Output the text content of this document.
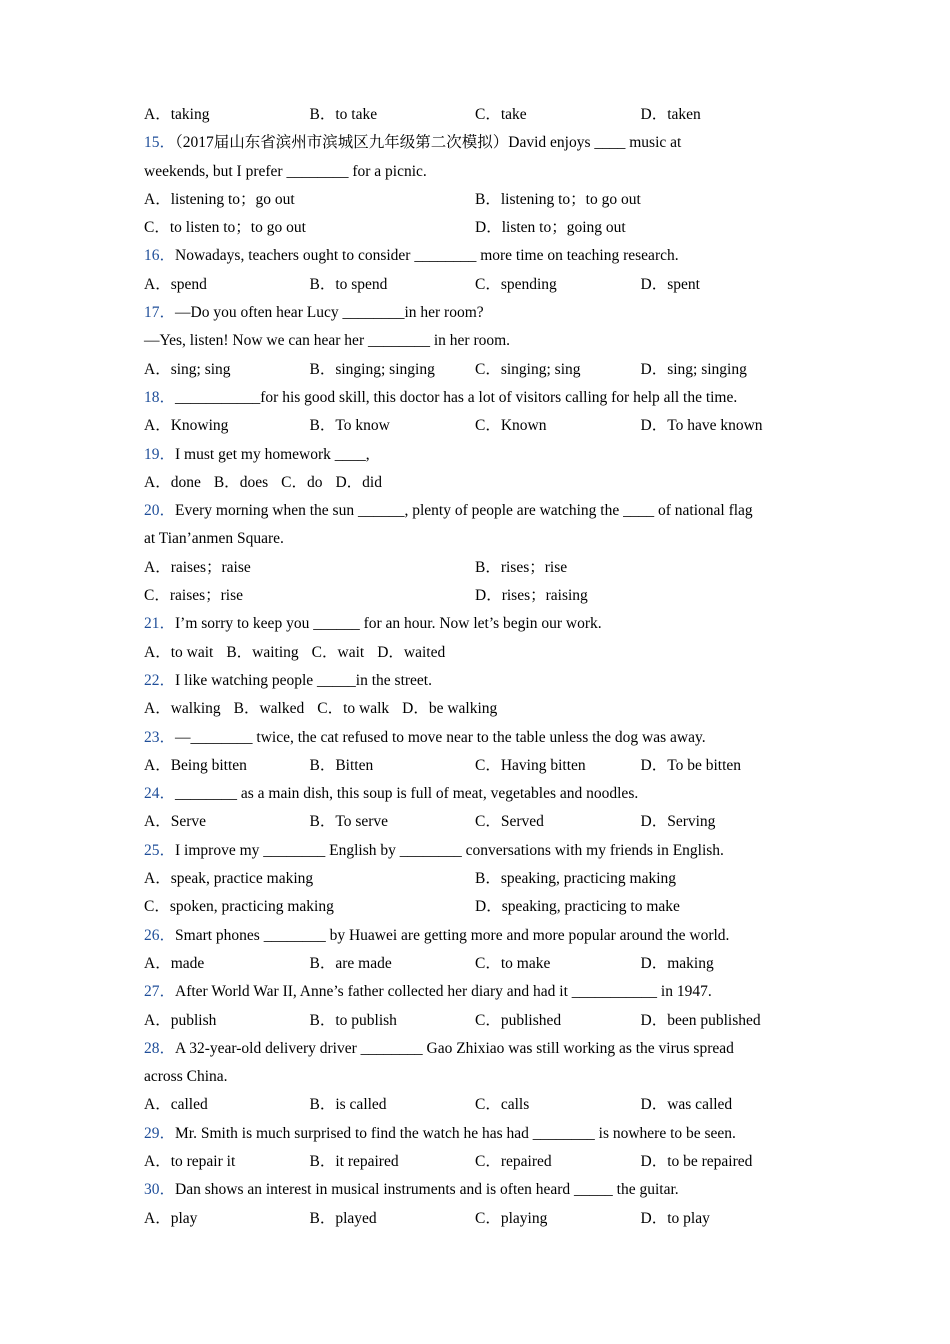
A．taking	B．to take	C．take	D．taken
15．（2017届山东省滨州市滨城区九年级第二次模拟）David enjoys ____ music at
weekends, but I prefer ________ for a picnic.
A．listening to；go out	B．listening to；to go out
C．to listen to；to go out	D．listen to；going out
16．Nowadays, teachers ought to consider ________ more time on teaching research.
A．spend	B．to spend	C．spending	D．spent
17．—Do you often hear Lucy ________in her room?
—Yes, listen! Now we can hear her ________ in her room.
A．sing; sing	B．singing; singing	C．singing; sing	D．sing; singing
18．___________for his good skill, this doctor has a lot of visitors calling for help all the time.
A．Knowing	B．To know	C．Known	D．To have known
19．I must get my homework ____,
A．done B．does C．do D．did
20．Every morning when the sun ______, plenty of people are watching the ____ of national flag
at Tian’anmen Square.
A．raises；raise	B．rises；rise
C．raises；rise	D．rises；raising
21．I’m sorry to keep you ______ for an hour. Now let’s begin our work.
A．to wait B．waiting C．wait D．waited
22．I like watching people _____in the street.
A．walking B．walked C．to walk D．be walking
23．—________ twice, the cat refused to move near to the table unless the dog was away.
A．Being bitten	B．Bitten	C．Having bitten	D．To be bitten
24．________ as a main dish, this soup is full of meat, vegetables and noodles.
A．Serve	B．To serve	C．Served	D．Serving
25．I improve my ________ English by ________ conversations with my friends in English.
A．speak, practice making	B．speaking, practicing making
C．spoken, practicing making	D．speaking, practicing to make
26．Smart phones ________ by Huawei are getting more and more popular around the world.
A．made	B．are made	C．to make	D．making
27．After World War II, Anne’s father collected her diary and had it ___________ in 1947.
A．publish	B．to publish	C．published	D．been published
28．A 32-year-old delivery driver ________ Gao Zhixiao was still working as the virus spread
across China.
A．called	B．is called	C．calls	D．was called
29．Mr. Smith is much surprised to find the watch he has had ________ is nowhere to be seen.
A．to repair it	B．it repaired	C．repaired	D．to be repaired
30．Dan shows an interest in musical instruments and is often heard _____ the guitar.
A．play	B．played	C．playing	D．to play
